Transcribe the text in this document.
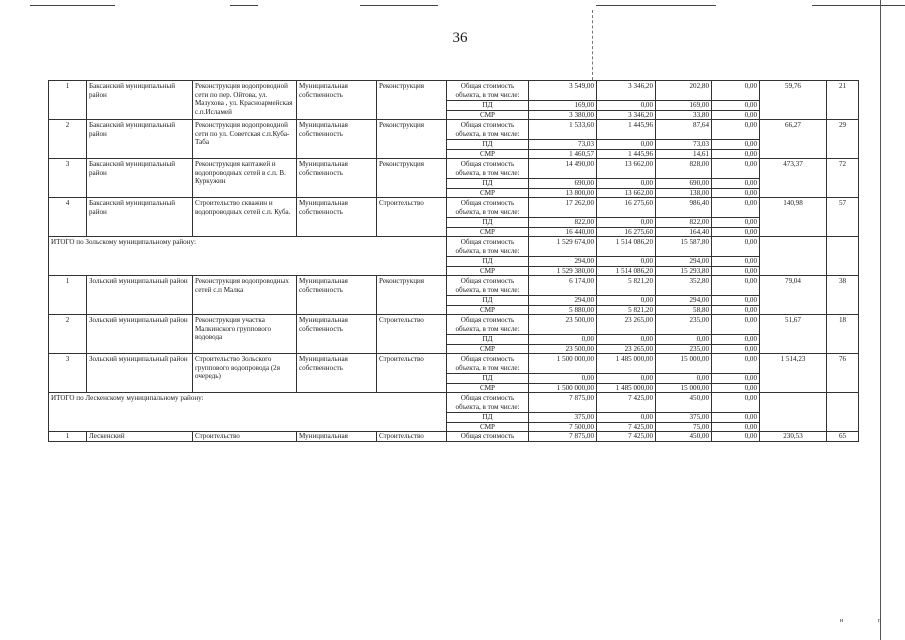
36
1	Баксанский муниципальный район	Реконструкция водопроводной сети по пер. Ойтова, ул. Мазухова , ул. Красноармейская с.п.Исламей	Муниципальная собственность	Реконструкция	Общая стоимость объекта, в том числе:	3 549,00	3 346,20	202,80	0,00	59,76	21
					ПД	169,00	0,00	169,00	0,00		
					СМР	3 380,00	3 346,20	33,80	0,00		
2	Баксанский муниципальный район	Реконструкция водопроводной сети по ул. Советская с.п.Куба-Таба	Муниципальная собственность	Реконструкция	Общая стоимость объекта, в том числе:	1 533,60	1 445,96	87,64	0,00	66,27	29
					ПД	73,03	0,00	73,03	0,00		
					СМР	1 460,57	1 445,96	14,61	0,00		
3	Баксанский муниципальный район	Реконструкция каптажей и водопроводных сетей в с.п. В. Куркужин	Муниципальная собственность	Реконструкция	Общая стоимость объекта, в том числе:	14 490,00	13 662,00	828,00	0,00	473,37	72
					ПД	690,00	0,00	690,00	0,00		
					СМР	13 800,00	13 662,00	138,00	0,00		
4	Баксанский муниципальный район	Строительство скважин и водопроводных сетей с.п. Куба.	Муниципальная собственность	Строительство	Общая стоимость объекта, в том числе:	17 262,00	16 275,60	986,40	0,00	140,98	57
					ПД	822,00	0,00	822,00	0,00		
					СМР	16 440,00	16 275,60	164,40	0,00		
ИТОГО по Зольскому муниципальному району:					Общая стоимость объекта, в том числе:	1 529 674,00	1 514 086,20	15 587,80	0,00		
					ПД	294,00	0,00	294,00	0,00		
					СМР	1 529 380,00	1 514 086,20	15 293,80	0,00		
1	Зольский муниципальный район	Реконструкция водопроводных сетей с.п Малка	Муниципальная собственность	Реконструкция	Общая стоимость объекта, в том числе:	6 174,00	5 821,20	352,80	0,00	79,04	38
					ПД	294,00	0,00	294,00	0,00		
					СМР	5 880,00	5 821,20	58,80	0,00		
2	Зольский муниципальный район	Реконструкция участка Малкинского группового водовода	Муниципальная собственность	Строительство	Общая стоимость объекта, в том числе:	23 500,00	23 265,00	235,00	0,00	51,67	18
					ПД	0,00	0,00	0,00	0,00		
					СМР	23 500,00	23 265,00	235,00	0,00		
3	Зольский муниципальный район	Строительство Зольского группового водопровода (2я очередь)	Муниципальная собственность	Строительство	Общая стоимость объекта, в том числе:	1 500 000,00	1 485 000,00	15 000,00	0,00	1 514,23	76
					ПД	0,00	0,00	0,00	0,00		
					СМР	1 500 000,00	1 485 000,00	15 000,00	0,00		
ИТОГО по Лескенскому муниципальному району:					Общая стоимость объекта, в том числе:	7 875,00	7 425,00	450,00	0,00		
					ПД	375,00	0,00	375,00	0,00		
					СМР	7 500,00	7 425,00	75,00	0,00		
1	Лескенский	Строительство	Муниципальная	Строительство	Общая стоимость	7 875,00	7 425,00	450,00	0,00	230,53	65
н	г
